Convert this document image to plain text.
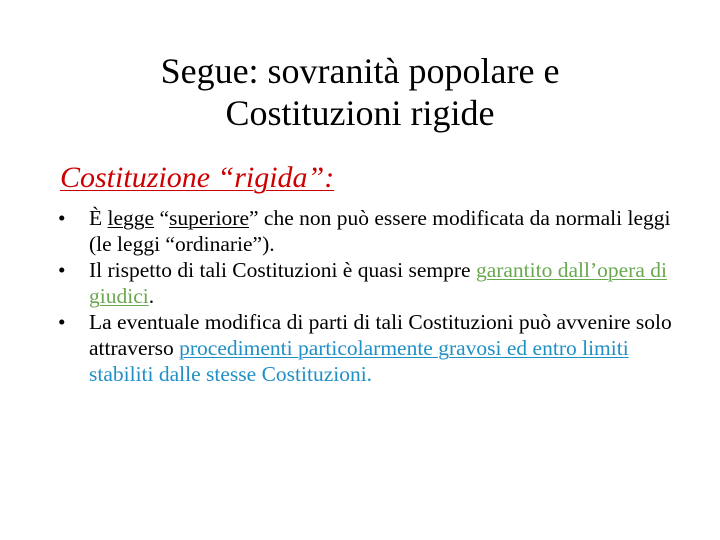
Segue: sovranità popolare e
Costituzioni rigide
Costituzione “rigida”:
•	È legge “superiore” che non può essere modificata da normali leggi (le leggi “ordinarie”).
•	Il rispetto di tali Costituzioni è quasi sempre garantito dall’opera di giudici.
•	La eventuale modifica di parti di tali Costituzioni può avvenire solo attraverso procedimenti particolarmente gravosi ed entro limiti stabiliti dalle stesse Costituzioni.
